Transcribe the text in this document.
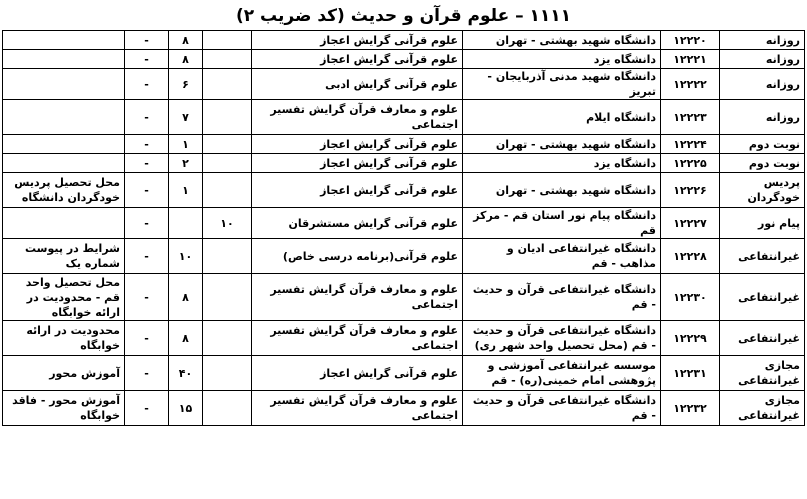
۱۱۱۱ – علوم قرآن و حدیث (کد ضریب ۲)
روزانه	۱۲۲۲۰	دانشگاه شهید بهشتی - تهران	علوم قرآنی گرایش اعجاز		۸	-	
روزانه	۱۲۲۲۱	دانشگاه یزد	علوم قرآنی گرایش اعجاز		۸	-	
روزانه	۱۲۲۲۲	دانشگاه شهید مدنی آذربایجان - تبریز	علوم قرآنی گرایش ادبی		۶	-	
روزانه	۱۲۲۲۳	دانشگاه ایلام	علوم و معارف قرآن گرایش تفسیر اجتماعی		۷	-	
نوبت دوم	۱۲۲۲۴	دانشگاه شهید بهشتی - تهران	علوم قرآنی گرایش اعجاز		۱	-	
نوبت دوم	۱۲۲۲۵	دانشگاه یزد	علوم قرآنی گرایش اعجاز		۲	-	
پردیس خودگردان	۱۲۲۲۶	دانشگاه شهید بهشتی - تهران	علوم قرآنی گرایش اعجاز		۱	-	محل تحصیل پردیس خودگردان دانشگاه
پیام نور	۱۲۲۲۷	دانشگاه پیام نور استان قم - مرکز قم	علوم قرآنی گرایش مستشرقان	۱۰		-	
غیرانتفاعی	۱۲۲۲۸	دانشگاه غیرانتفاعی ادیان و مذاهب - قم	علوم قرآنی(برنامه درسی خاص)		۱۰	-	شرایط در پیوست شماره یک
غیرانتفاعی	۱۲۲۳۰	دانشگاه غیرانتفاعی قرآن و حدیث - قم	علوم و معارف قرآن گرایش تفسیر اجتماعی		۸	-	محل تحصیل واحد قم - محدودیت در ارائه خوابگاه
غیرانتفاعی	۱۲۲۲۹	دانشگاه غیرانتفاعی قرآن و حدیث - قم (محل تحصیل واحد شهر ری)	علوم و معارف قرآن گرایش تفسیر اجتماعی		۸	-	محدودیت در ارائه خوابگاه
مجازی غیرانتفاعی	۱۲۲۳۱	موسسه غیرانتفاعی آموزشی و پژوهشی امام خمینی(ره) - قم	علوم قرآنی گرایش اعجاز		۴۰	-	آموزش محور
مجازی غیرانتفاعی	۱۲۲۳۲	دانشگاه غیرانتفاعی قرآن و حدیث - قم	علوم و معارف قرآن گرایش تفسیر اجتماعی		۱۵	-	آموزش محور - فاقد خوابگاه
